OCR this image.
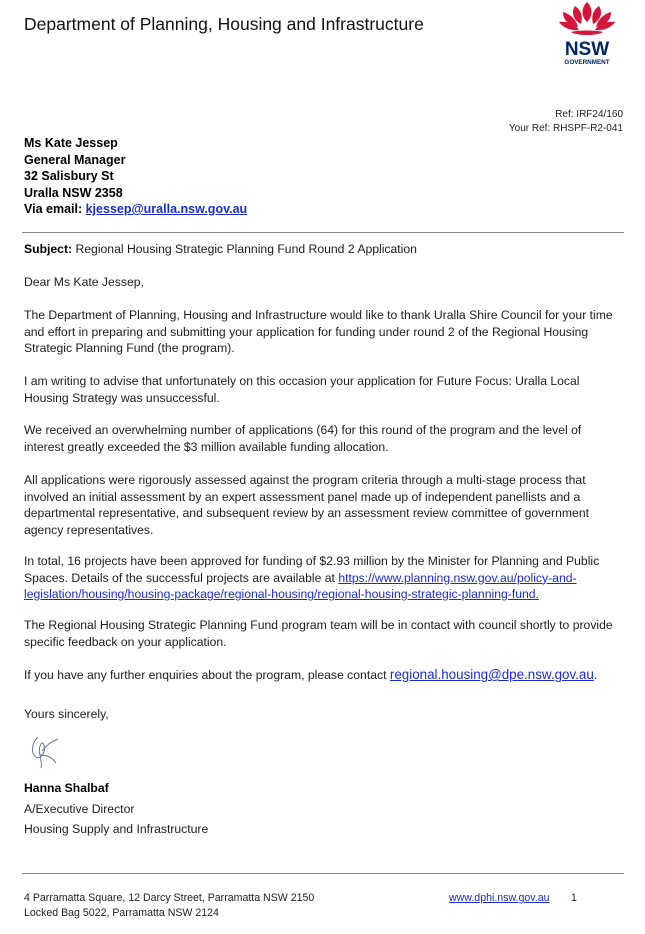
Department of Planning, Housing and Infrastructure
NSW
GOVERNMENT
Ref: IRF24/160
Your Ref: RHSPF-R2-041
Ms Kate Jessep
General Manager
32 Salisbury St
Uralla NSW 2358
Via email: kjessep@uralla.nsw.gov.au

Subject: Regional Housing Strategic Planning Fund Round 2 Application

Dear Ms Kate Jessep,
The Department of Planning, Housing and Infrastructure would like to thank Uralla Shire Council for your time and effort in preparing and submitting your application for funding under round 2 of the Regional Housing Strategic Planning Fund (the program).
I am writing to advise that unfortunately on this occasion your application for Future Focus: Uralla Local Housing Strategy was unsuccessful.
We received an overwhelming number of applications (64) for this round of the program and the level of interest greatly exceeded the $3 million available funding allocation.
All applications were rigorously assessed against the program criteria through a multi-stage process that involved an initial assessment by an expert assessment panel made up of independent panellists and a departmental representative, and subsequent review by an assessment review committee of government agency representatives.
In total, 16 projects have been approved for funding of $2.93 million by the Minister for Planning and Public Spaces. Details of the successful projects are available at https://www.planning.nsw.gov.au/policy-and-legislation/housing/housing-package/regional-housing/regional-housing-strategic-planning-fund.
The Regional Housing Strategic Planning Fund program team will be in contact with council shortly to provide specific feedback on your application.
If you have any further enquiries about the program, please contact regional.housing@dpe.nsw.gov.au.
Yours sincerely,
Hanna Shalbaf
A/Executive Director
Housing Supply and Infrastructure
4 Parramatta Square, 12 Darcy Street, Parramatta NSW 2150
Locked Bag 5022, Parramatta NSW 2124
www.dphi.nsw.gov.au 1
